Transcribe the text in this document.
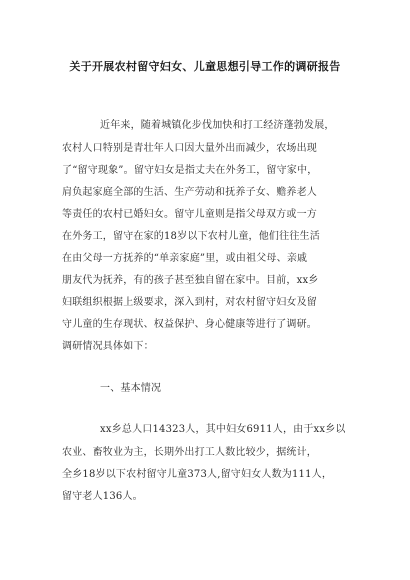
关于开展农村留守妇女、儿童思想引导工作的调研报告
近年来，随着城镇化步伐加快和打工经济蓬勃发展，
农村人口特别是青壮年人口因大量外出而减少，农场出现
了“留守现象”。留守妇女是指丈夫在外务工，留守家中，
肩负起家庭全部的生活、生产劳动和抚养子女、赡养老人
等责任的农村已婚妇女。留守儿童则是指父母双方或一方
在外务工，留守在家的18岁以下农村儿童，他们往往生活
在由父母一方抚养的“单亲家庭”里，或由祖父母、亲戚
朋友代为抚养，有的孩子甚至独自留在家中。目前，xx乡
妇联组织根据上级要求，深入到村，对农村留守妇女及留
守儿童的生存现状、权益保护、身心健康等进行了调研。
调研情况具体如下：
一、基本情况
xx乡总人口14323人，其中妇女6911人，由于xx乡以
农业、畜牧业为主，长期外出打工人数比较少，据统计，
全乡18岁以下农村留守儿童373人,留守妇女人数为111人，
留守老人136人。
